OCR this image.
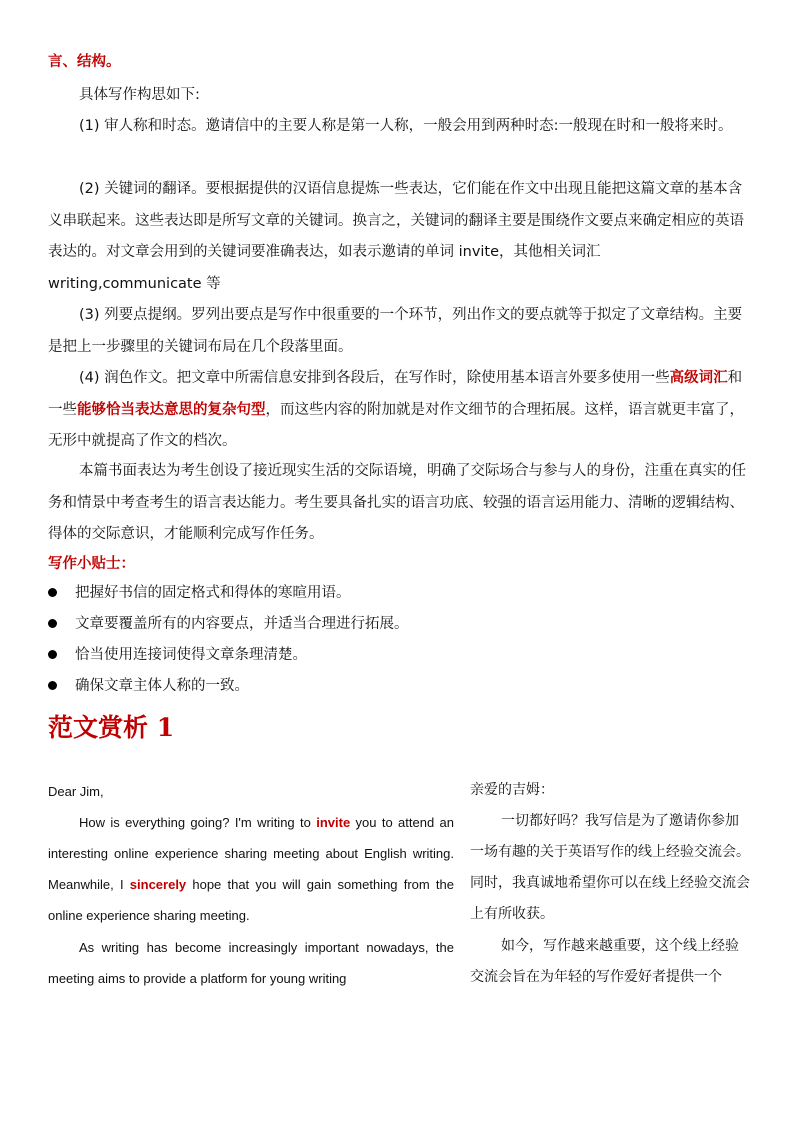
言、结构。
具体写作构思如下:
(1) 审人称和时态。邀请信中的主要人称是第一人称，一般会用到两种时态:一般现在时和一般将来时。
(2) 关键词的翻译。要根据提供的汉语信息提炼一些表达，它们能在作文中出现且能把这篇文章的基本含义串联起来。这些表达即是所写文章的关键词。换言之，关键词的翻译主要是围绕作文要点来确定相应的英语表达的。对文章会用到的关键词要准确表达，如表示邀请的单词 invite，其他相关词汇 writing,communicate 等
(3) 列要点提纲。罗列出要点是写作中很重要的一个环节，列出作文的要点就等于拟定了文章结构。主要是把上一步骤里的关键词布局在几个段落里面。
(4) 润色作文。把文章中所需信息安排到各段后，在写作时，除使用基本语言外要多使用一些高级词汇和一些能够恰当表达意思的复杂句型，而这些内容的附加就是对作文细节的合理拓展。这样，语言就更丰富了，无形中就提高了作文的档次。
本篇书面表达为考生创设了接近现实生活的交际语境，明确了交际场合与参与人的身份，注重在真实的任务和情景中考查考生的语言表达能力。考生要具备扎实的语言功底、较强的语言运用能力、清晰的逻辑结构、得体的交际意识，才能顺利完成写作任务。
写作小贴士：
把握好书信的固定格式和得体的寒暄用语。
文章要覆盖所有的内容要点，并适当合理进行拓展。
恰当使用连接词使得文章条理清楚。
确保文章主体人称的一致。
范文赏析 1
Dear Jim,
How is everything going? I'm writing to invite you to attend an interesting online experience sharing meeting about English writing. Meanwhile, I sincerely hope that you will gain something from the online experience sharing meeting.
As writing has become increasingly important nowadays, the meeting aims to provide a platform for young writing
亲爱的吉姆：
一切都好吗？我写信是为了邀请你参加一场有趣的关于英语写作的线上经验交流会。同时，我真诚地希望你可以在线上经验交流会上有所收获。
如今，写作越来越重要，这个线上经验交流会旨在为年轻的写作爱好者提供一个
